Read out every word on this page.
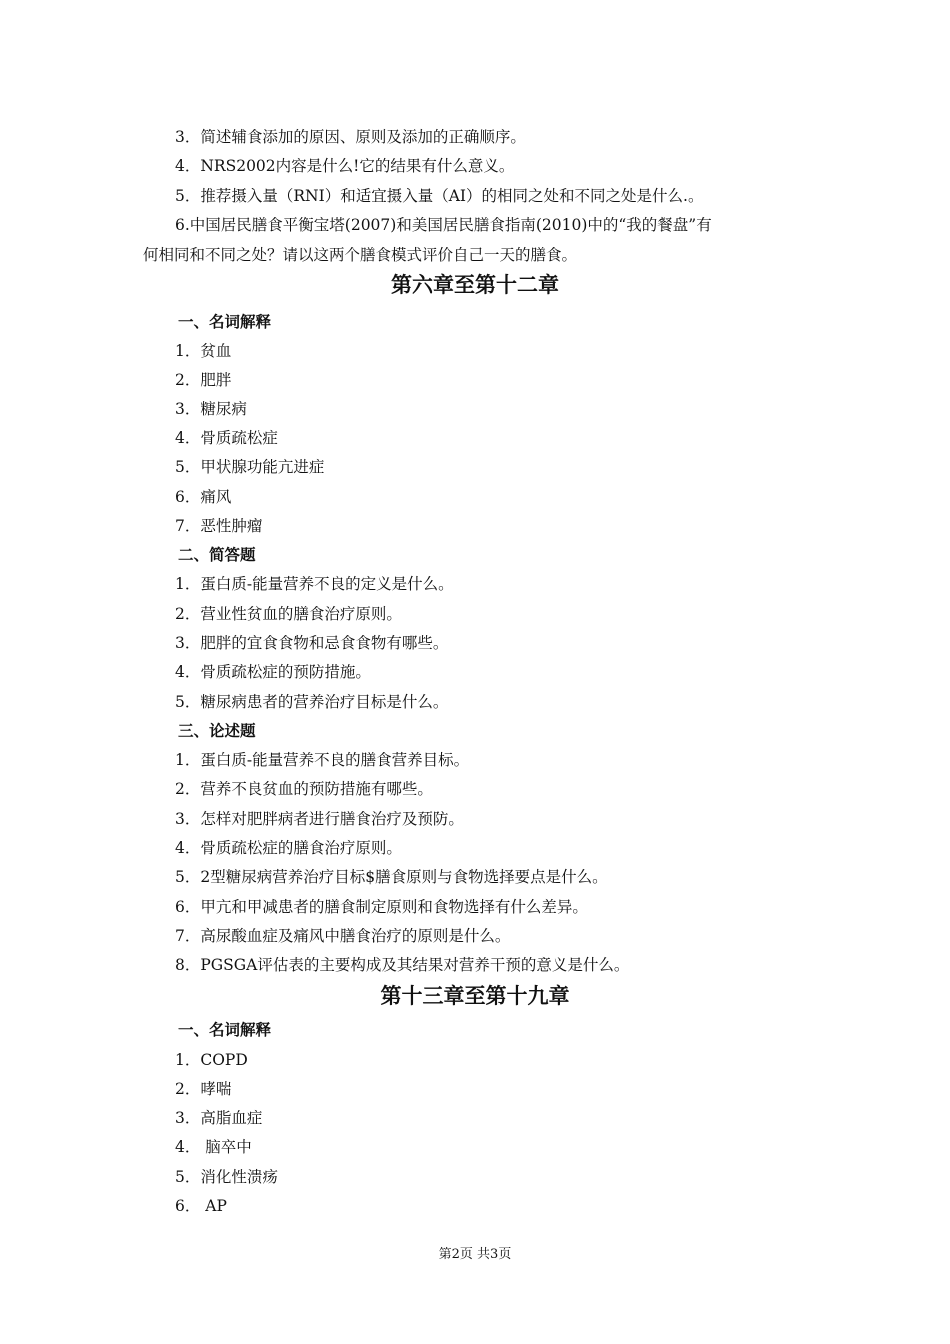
3．简述辅食添加的原因、原则及添加的正确顺序。
4．NRS2002内容是什么!它的结果有什么意义。
5．推荐摄入量（RNI）和适宜摄入量（AI）的相同之处和不同之处是什么.。
6.中国居民膳食平衡宝塔(2007)和美国居民膳食指南(2010)中的“我的餐盘”有
何相同和不同之处？请以这两个膳食模式评价自己一天的膳食。
第六章至第十二章
一、名词解释
1．贫血
2．肥胖
3．糖尿病
4．骨质疏松症
5．甲状腺功能亢进症
6．痛风
7．恶性肿瘤
二、简答题
1．蛋白质-能量营养不良的定义是什么。
2．营业性贫血的膳食治疗原则。
3．肥胖的宜食食物和忌食食物有哪些。
4．骨质疏松症的预防措施。
5．糖尿病患者的营养治疗目标是什么。
三、论述题
1．蛋白质-能量营养不良的膳食营养目标。
2．营养不良贫血的预防措施有哪些。
3．怎样对肥胖病者进行膳食治疗及预防。
4．骨质疏松症的膳食治疗原则。
5．2型糖尿病营养治疗目标$膳食原则与食物选择要点是什么。
6．甲亢和甲减患者的膳食制定原则和食物选择有什么差异。
7．高尿酸血症及痛风中膳食治疗的原则是什么。
8．PGSGA评估表的主要构成及其结果对营养干预的意义是什么。
第十三章至第十九章
一、名词解释
1．COPD
2．哮喘
3．高脂血症
4． 脑卒中
5．消化性溃疡
6． AP
第2页 共3页
